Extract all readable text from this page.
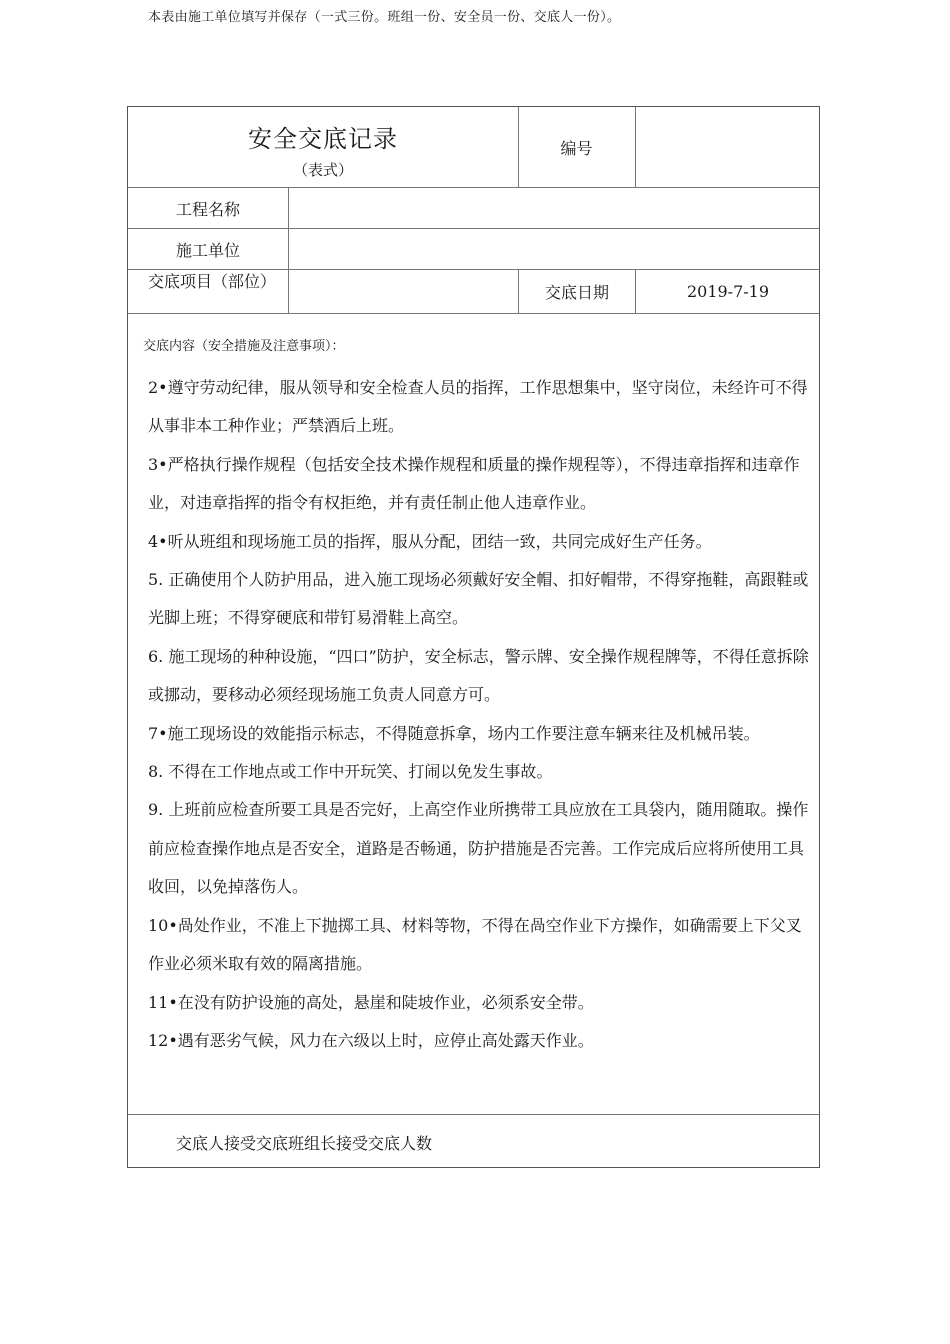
本表由施工单位填写并保存（一式三份。班组一份、安全员一份、交底人一份）。
安全交底记录
（表式）
编号
工程名称
施工单位
交底项目（部位）
交底日期	2019-7-19
交底内容（安全措施及注意事项）：

2•遵守劳动纪律，服从领导和安全检查人员的指挥，工作思想集中，坚守岗位，未经许可不得从事非本工种作业；严禁酒后上班。

3•严格执行操作规程（包括安全技术操作规程和质量的操作规程等），不得违章指挥和违章作业，对违章指挥的指令有权拒绝，并有责任制止他人违章作业。

4•听从班组和现场施工员的指挥，服从分配，团结一致，共同完成好生产任务。

5. 正确使用个人防护用品，进入施工现场必须戴好安全帽、扣好帽带，不得穿拖鞋，高跟鞋或光脚上班；不得穿硬底和带钉易滑鞋上高空。

6. 施工现场的种种设施，“四口”防护，安全标志，警示牌、安全操作规程牌等，不得任意拆除或挪动，要移动必须经现场施工负责人同意方可。

7•施工现场设的效能指示标志，不得随意拆拿，场内工作要注意车辆来往及机械吊装。

8. 不得在工作地点或工作中开玩笑、打闹以免发生事故。

9. 上班前应检查所要工具是否完好，上高空作业所携带工具应放在工具袋内，随用随取。操作前应检查操作地点是否安全，道路是否畅通，防护措施是否完善。工作完成后应将所使用工具收回，以免掉落伤人。

10•咼处作业，不准上下抛掷工具、材料等物，不得在咼空作业下方操作，如确需要上下父叉作业必须米取有效的隔离措施。

11•在没有防护设施的高处，悬崖和陡坡作业，必须系安全带。

12•遇有恶劣气候，风力在六级以上时，应停止高处露天作业。

交底人接受交底班组长接受交底人数
